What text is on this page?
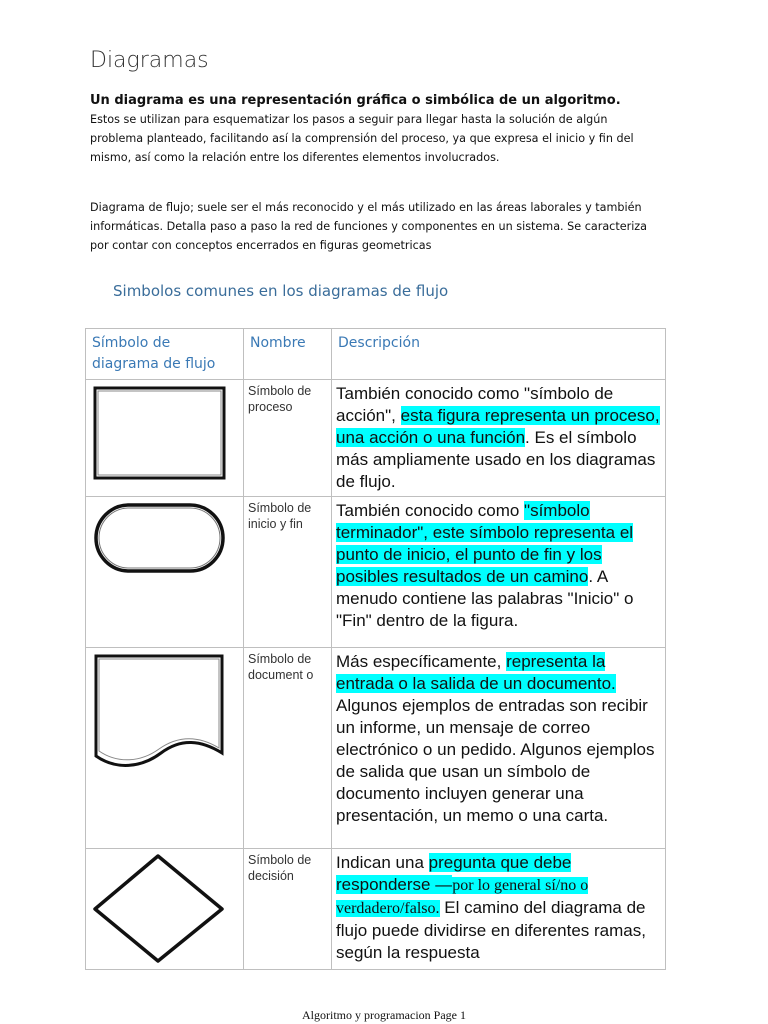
Diagramas
Un diagrama es una representación gráfica o simbólica de un algoritmo.
Estos se utilizan para esquematizar los pasos a seguir para llegar hasta la solución de algún problema planteado, facilitando así la comprensión del proceso, ya que expresa el inicio y fin del mismo, así como la relación entre los diferentes elementos involucrados.
Diagrama de flujo; suele ser el más reconocido y el más utilizado en las áreas laborales y también informáticas. Detalla paso a paso la red de funciones y componentes en un sistema. Se caracteriza por contar con conceptos encerrados en figuras geometricas
Simbolos comunes en los diagramas de flujo
Símbolo de diagrama de flujo	Nombre	Descripción

	Símbolo de proceso	También conocido como "símbolo de acción", esta figura representa un proceso, una acción o una función. Es el símbolo más ampliamente usado en los diagramas de flujo.

	Símbolo de inicio y fin	También conocido como "símbolo terminador", este símbolo representa el punto de inicio, el punto de fin y los posibles resultados de un camino. A menudo contiene las palabras "Inicio" o "Fin" dentro de la figura.

	Símbolo de document o	Más específicamente, representa la entrada o la salida de un documento. Algunos ejemplos de entradas son recibir un informe, un mensaje de correo electrónico o un pedido. Algunos ejemplos de salida que usan un símbolo de documento incluyen generar una presentación, un memo o una carta.

	Símbolo de decisión	Indican una pregunta que debe responderse —por lo general sí/no o verdadero/falso. El camino del diagrama de flujo puede dividirse en diferentes ramas, según la respuesta
Algoritmo y programacion Page 1
